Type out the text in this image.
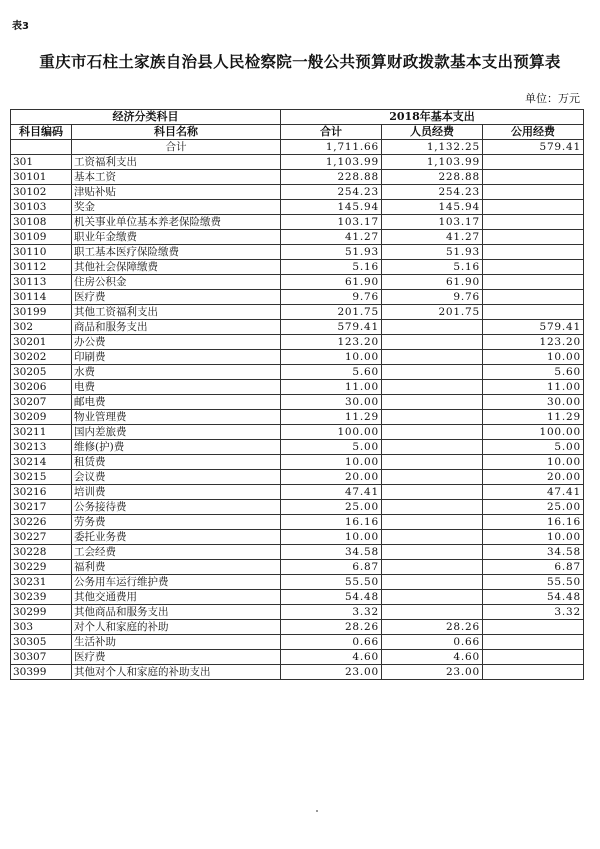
表3
重庆市石柱土家族自治县人民检察院一般公共预算财政拨款基本支出预算表
单位：万元
经济分类科目		2018年基本支出		
科目编码	科目名称	合计	人员经费	公用经费
	合计	1,711.66	1,132.25	579.41
301	工资福利支出	1,103.99	1,103.99	
30101	基本工资	228.88	228.88	
30102	津贴补贴	254.23	254.23	
30103	奖金	145.94	145.94	
30108	机关事业单位基本养老保险缴费	103.17	103.17	
30109	职业年金缴费	41.27	41.27	
30110	职工基本医疗保险缴费	51.93	51.93	
30112	其他社会保障缴费	5.16	5.16	
30113	住房公积金	61.90	61.90	
30114	医疗费	9.76	9.76	
30199	其他工资福利支出	201.75	201.75	
302	商品和服务支出	579.41		579.41
30201	办公费	123.20		123.20
30202	印刷费	10.00		10.00
30205	水费	5.60		5.60
30206	电费	11.00		11.00
30207	邮电费	30.00		30.00
30209	物业管理费	11.29		11.29
30211	国内差旅费	100.00		100.00
30213	维修(护)费	5.00		5.00
30214	租赁费	10.00		10.00
30215	会议费	20.00		20.00
30216	培训费	47.41		47.41
30217	公务接待费	25.00		25.00
30226	劳务费	16.16		16.16
30227	委托业务费	10.00		10.00
30228	工会经费	34.58		34.58
30229	福利费	6.87		6.87
30231	公务用车运行维护费	55.50		55.50
30239	其他交通费用	54.48		54.48
30299	其他商品和服务支出	3.32		3.32
303	对个人和家庭的补助	28.26	28.26	
30305	生活补助	0.66	0.66	
30307	医疗费	4.60	4.60	
30399	其他对个人和家庭的补助支出	23.00	23.00	
